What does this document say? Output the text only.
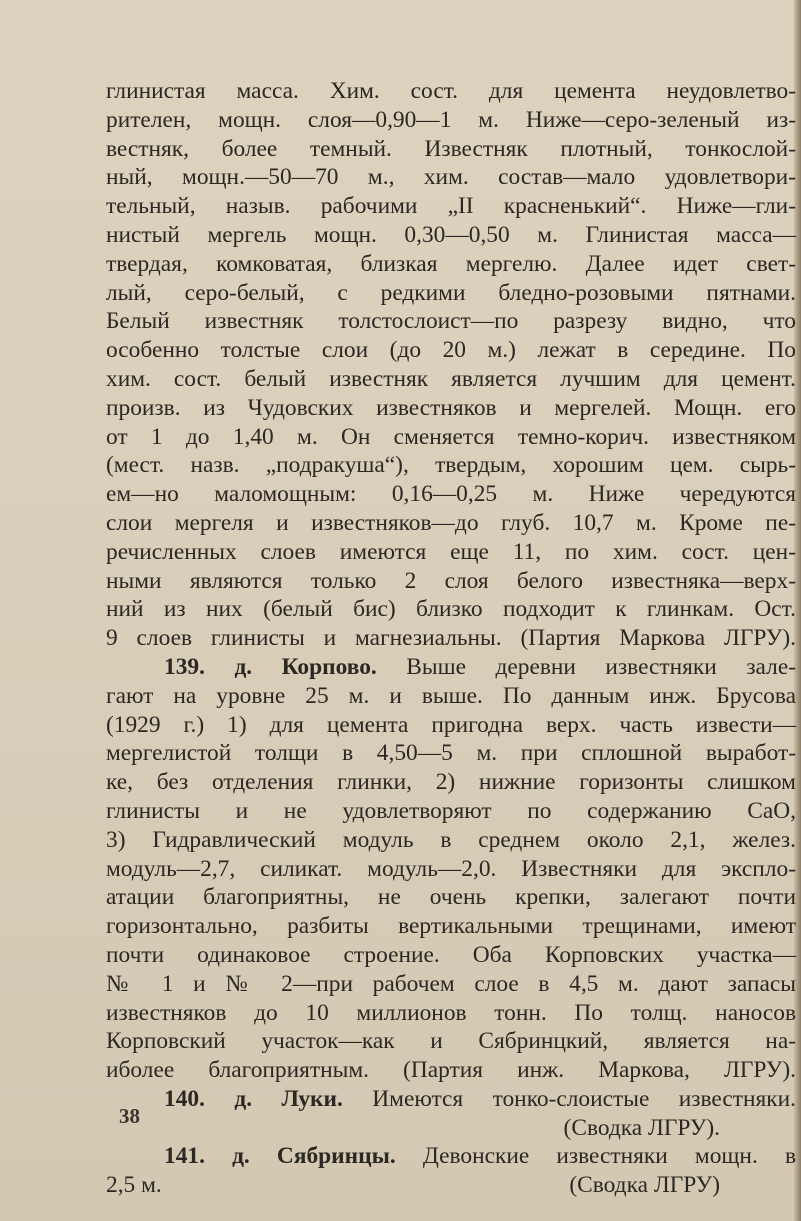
глинистая масса. Хим. сост. для цемента неудовлетво-
рителен, мощн. слоя—0,90—1 м. Ниже—серо-зеленый из-
вестняк, более темный. Известняк плотный, тонкослой-
ный, мощн.—50—70 м., хим. состав—мало удовлетвори-
тельный, назыв. рабочими „II красненький“. Ниже—гли-
нистый мергель мощн. 0,30—0,50 м. Глинистая масса—
твердая, комковатая, близкая мергелю. Далее идет свет-
лый, серо-белый, с редкими бледно-розовыми пятнами.
Белый известняк толстослоист—по разрезу видно, что
особенно толстые слои (до 20 м.) лежат в середине. По
хим. сост. белый известняк является лучшим для цемент.
произв. из Чудовских известняков и мергелей. Мощн. его
от 1 до 1,40 м. Он сменяется темно-корич. известняком
(мест. назв. „подракуша“), твердым, хорошим цем. сырь-
ем—но маломощным: 0,16—0,25 м. Ниже чередуются
слои мергеля и известняков—до глуб. 10,7 м. Кроме пе-
речисленных слоев имеются еще 11, по хим. сост. цен-
ными являются только 2 слоя белого известняка—верх-
ний из них (белый бис) близко подходит к глинкам. Ост.
9 слоев глинисты и магнезиальны. (Партия Маркова ЛГРУ).
139. д. Корпово. Выше деревни известняки зале-
гают на уровне 25 м. и выше. По данным инж. Брусова
(1929 г.) 1) для цемента пригодна верх. часть извести—
мергелистой толщи в 4,50—5 м. при сплошной выработ-
ке, без отделения глинки, 2) нижние горизонты слишком
глинисты и не удовлетворяют по содержанию СаО,
3) Гидравлический модуль в среднем около 2,1, желез.
модуль—2,7, силикат. модуль—2,0. Известняки для экспло-
атации благоприятны, не очень крепки, залегают почти
горизонтально, разбиты вертикальными трещинами, имеют
почти одинаковое строение. Оба Корповских участка—
№ 1 и № 2—при рабочем слое в 4,5 м. дают запасы
известняков до 10 миллионов тонн. По толщ. наносов
Корповский участок—как и Сябринцкий, является на-
иболее благоприятным. (Партия инж. Маркова, ЛГРУ).
140. д. Луки. Имеются тонко-слоистые известняки.
(Сводка ЛГРУ).
141. д. Сябринцы. Девонские известняки мощн. в
2,5 м.	(Сводка ЛГРУ)
38
